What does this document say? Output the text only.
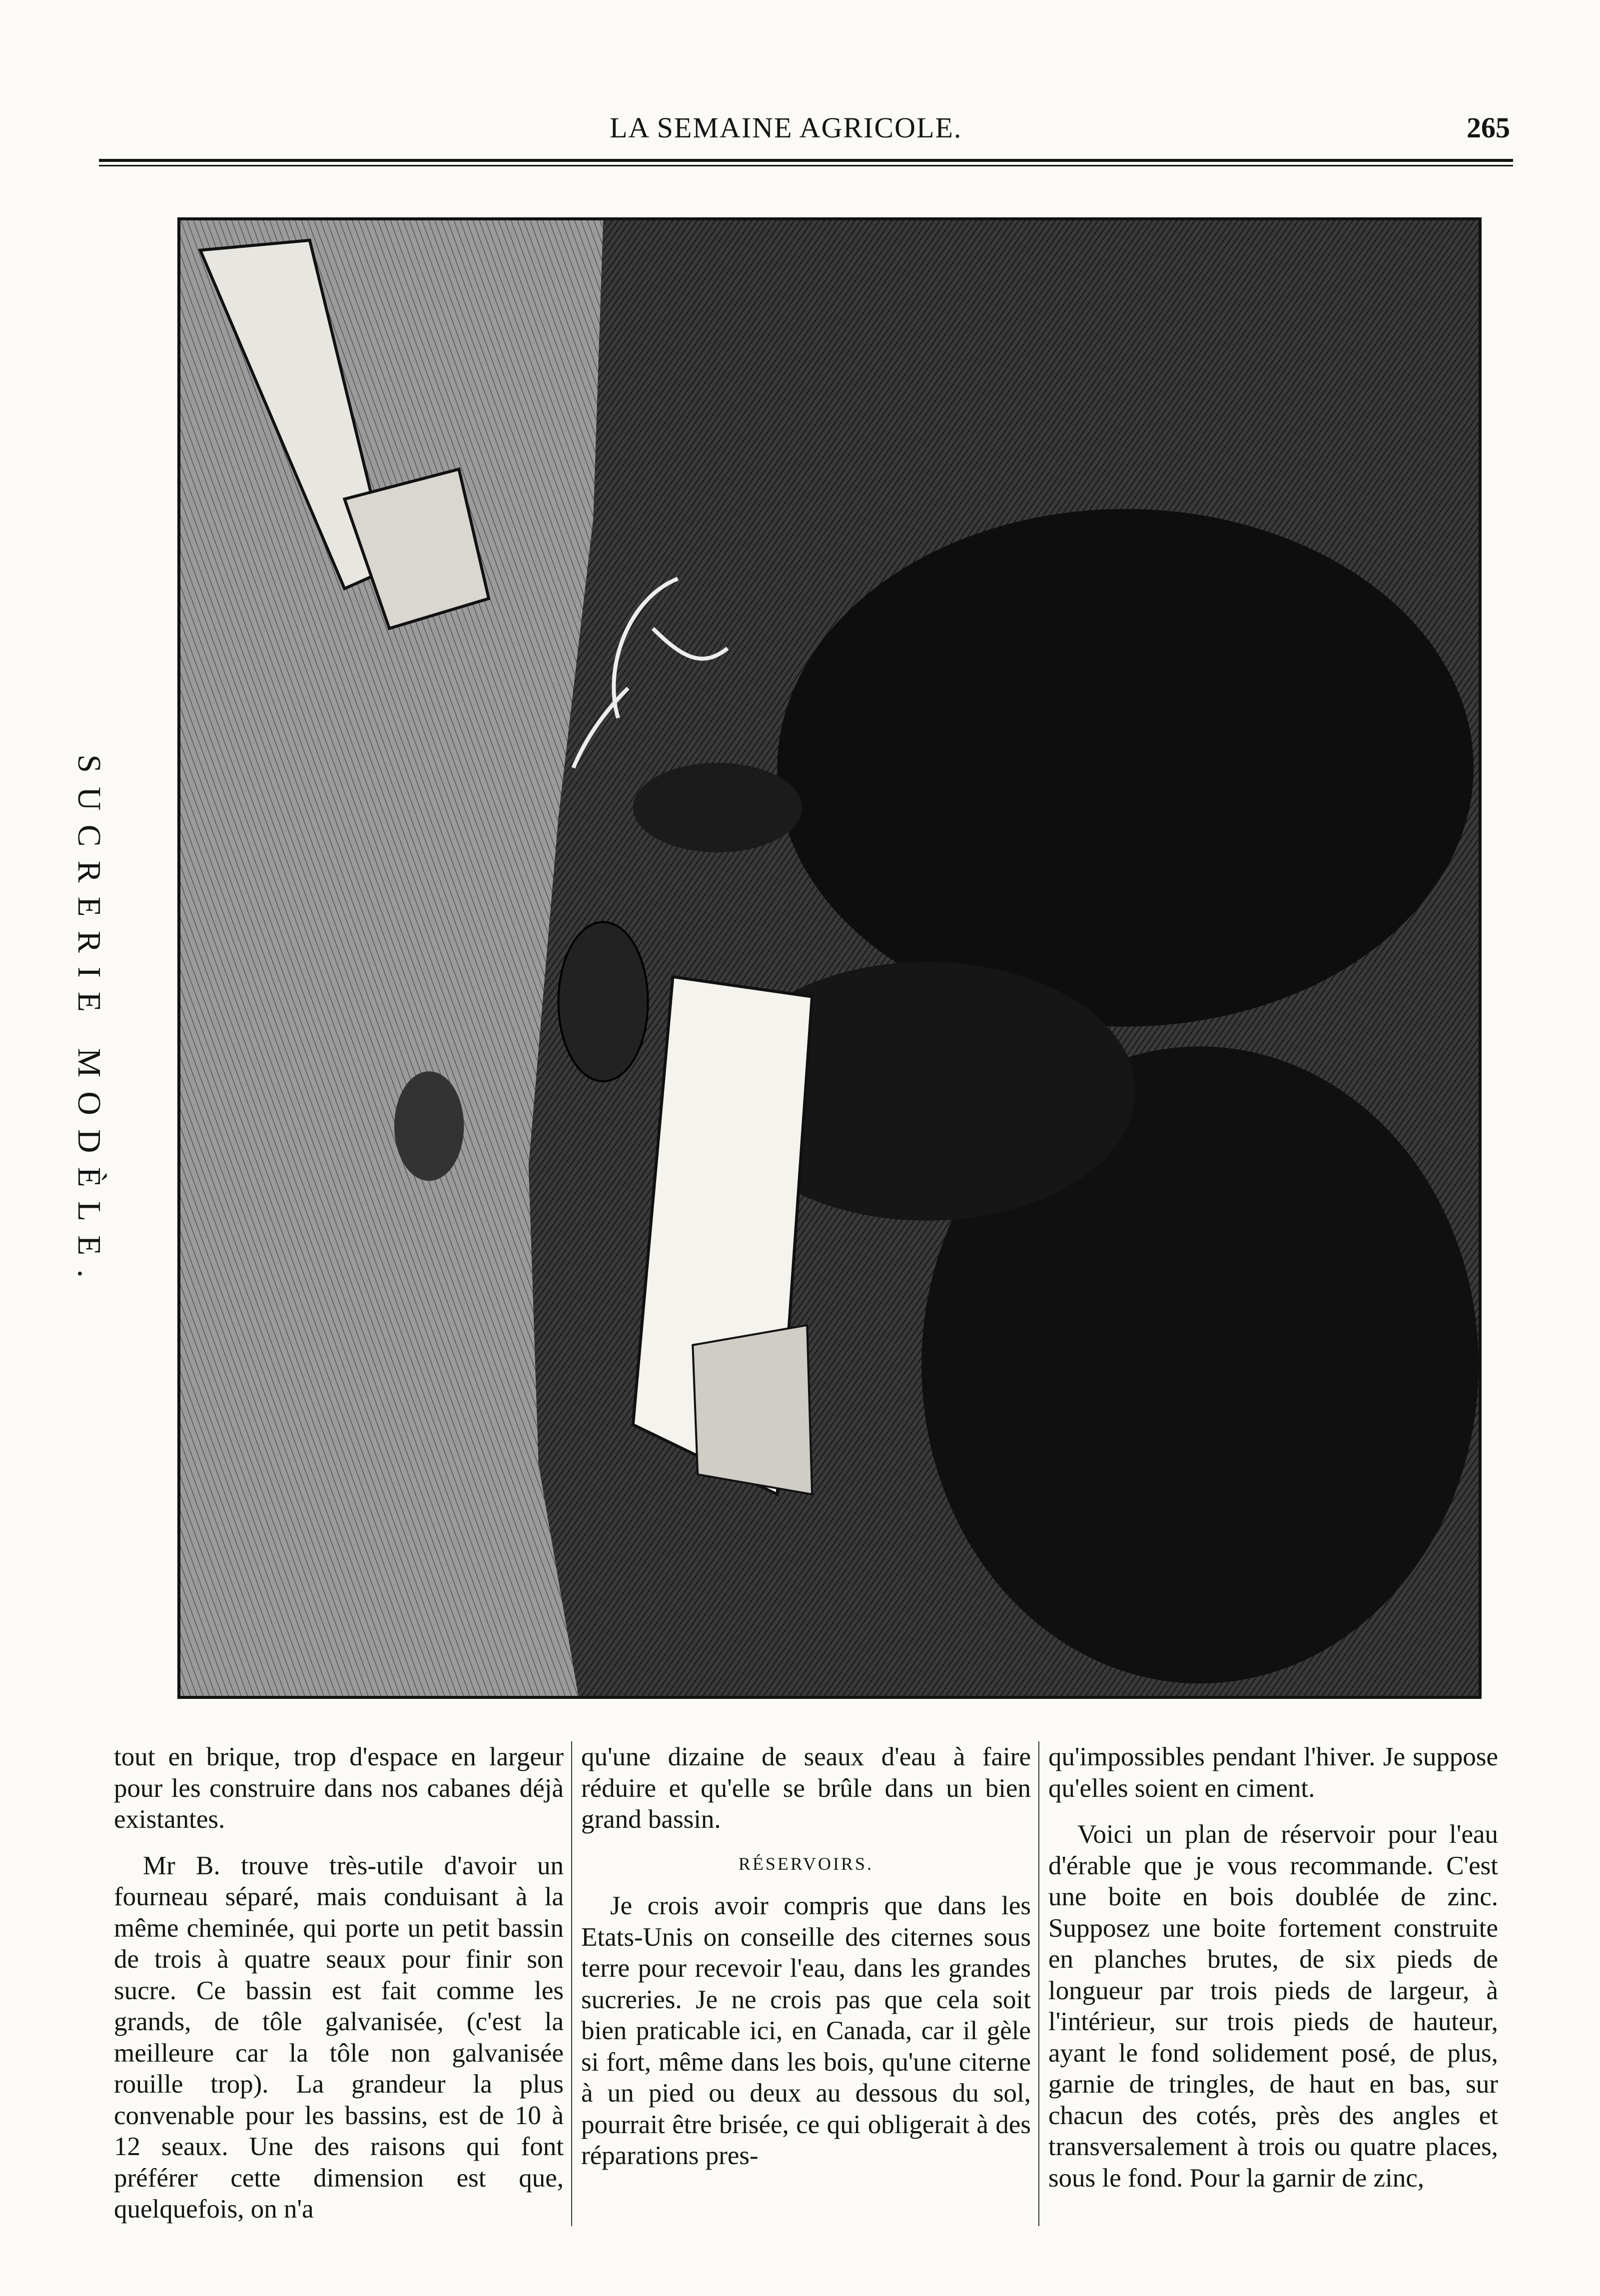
LA SEMAINE AGRICOLE.	265
SUCRERIE MODÈLE.

tout en brique, trop d'espace en largeur pour les construire dans nos cabanes déjà existantes.

Mr B. trouve très-utile d'avoir un fourneau séparé, mais conduisant à la même cheminée, qui porte un petit bassin de trois à quatre seaux pour finir son sucre. Ce bassin est fait comme les grands, de tôle galvanisée, (c'est la meilleure car la tôle non galvanisée rouille trop). La grandeur la plus convenable pour les bassins, est de 10 à 12 seaux. Une des raisons qui font préférer cette dimension est que, quelquefois, on n'a

qu'une dizaine de seaux d'eau à faire réduire et qu'elle se brûle dans un bien grand bassin.

RÉSERVOIRS.

Je crois avoir compris que dans les Etats-Unis on conseille des citernes sous terre pour recevoir l'eau, dans les grandes sucreries. Je ne crois pas que cela soit bien praticable ici, en Canada, car il gèle si fort, même dans les bois, qu'une citerne à un pied ou deux au dessous du sol, pourrait être brisée, ce qui obligerait à des réparations pres-

qu'impossibles pendant l'hiver. Je suppose qu'elles soient en ciment.

Voici un plan de réservoir pour l'eau d'érable que je vous recommande. C'est une boite en bois doublée de zinc. Supposez une boite fortement construite en planches brutes, de six pieds de longueur par trois pieds de largeur, à l'intérieur, sur trois pieds de hauteur, ayant le fond solidement posé, de plus, garnie de tringles, de haut en bas, sur chacun des cotés, près des angles et transversalement à trois ou quatre places, sous le fond. Pour la garnir de zinc,
